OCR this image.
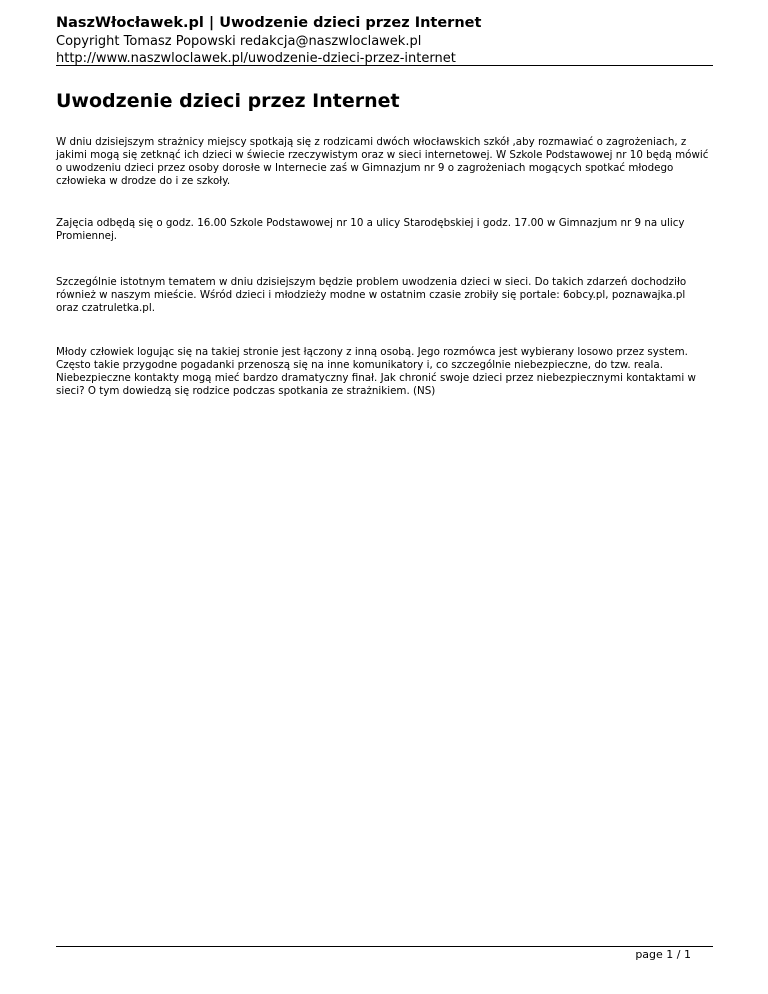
NaszWłocławek.pl | Uwodzenie dzieci przez Internet

Copyright Tomasz Popowski redakcja@naszwloclawek.pl

http://www.naszwloclawek.pl/uwodzenie-dzieci-przez-internet

Uwodzenie dzieci przez Internet
W dniu dzisiejszym strażnicy miejscy spotkają się z rodzicami dwóch włocławskich szkół ,aby rozmawiać o zagrożeniach, z
jakimi mogą się zetknąć ich dzieci w świecie rzeczywistym oraz w sieci internetowej. W Szkole Podstawowej nr 10 będą mówić
o uwodzeniu dzieci przez osoby dorosłe w Internecie zaś w Gimnazjum nr 9 o zagrożeniach mogących spotkać młodego
człowieka w drodze do i ze szkoły.
Zajęcia odbędą się o godz. 16.00 Szkole Podstawowej nr 10 a ulicy Starodębskiej i godz. 17.00 w Gimnazjum nr 9 na ulicy
Promiennej.
Szczególnie istotnym tematem w dniu dzisiejszym będzie problem uwodzenia dzieci w sieci. Do takich zdarzeń dochodziło
również w naszym mieście. Wśród dzieci i młodzieży modne w ostatnim czasie zrobiły się portale: 6obcy.pl, poznawajka.pl
oraz czatruletka.pl.
Młody człowiek logując się na takiej stronie jest łączony z inną osobą. Jego rozmówca jest wybierany losowo przez system.
Często takie przygodne pogadanki przenoszą się na inne komunikatory i, co szczególnie niebezpieczne, do tzw. reala.
Niebezpieczne kontakty mogą mieć bardzo dramatyczny finał. Jak chronić swoje dzieci przez niebezpiecznymi kontaktami w
sieci? O tym dowiedzą się rodzice podczas spotkania ze strażnikiem. (NS)
page 1 / 1
